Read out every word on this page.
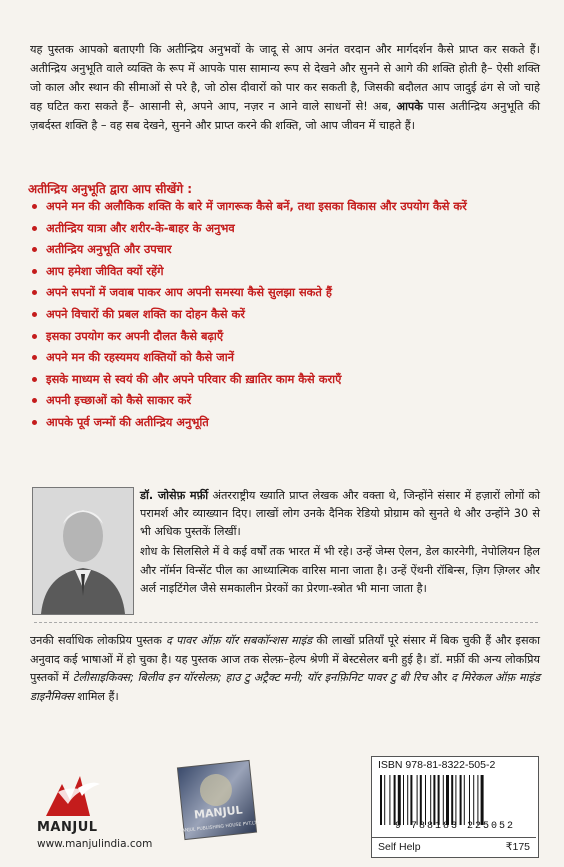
यह पुस्तक आपको बताएगी कि अतीन्द्रिय अनुभवों के जादू से आप अनंत वरदान और मार्गदर्शन कैसे प्राप्त कर सकते हैं। अतीन्द्रिय अनुभूति वाले व्यक्ति के रूप में आपके पास सामान्य रूप से देखने और सुनने से आगे की शक्ति होती है– ऐसी शक्ति जो काल और स्थान की सीमाओं से परे है, जो ठोस दीवारों को पार कर सकती है, जिसकी बदौलत आप जादुई ढंग से जो चाहे वह घटित करा सकते हैं– आसानी से, अपने आप, नज़र न आने वाले साधनों से! अब, आपके पास अतीन्द्रिय अनुभूति की ज़बर्दस्त शक्ति है – वह सब देखने, सुनने और प्राप्त करने की शक्ति, जो आप जीवन में चाहते हैं।
अतीन्द्रिय अनुभूति द्वारा आप सीखेंगे :
अपने मन की अलौकिक शक्ति के बारे में जागरूक कैसे बनें, तथा इसका विकास और उपयोग कैसे करें
अतीन्द्रिय यात्रा और शरीर-के-बाहर के अनुभव
अतीन्द्रिय अनुभूति और उपचार
आप हमेशा जीवित क्यों रहेंगे
अपने सपनों में जवाब पाकर आप अपनी समस्या कैसे सुलझा सकते हैं
अपने विचारों की प्रबल शक्ति का दोहन कैसे करें
इसका उपयोग कर अपनी दौलत कैसे बढ़ाएँ
अपने मन की रहस्यमय शक्तियों को कैसे जानें
इसके माध्यम से स्वयं की और अपने परिवार की ख़ातिर काम कैसे कराएँ
अपनी इच्छाओं को कैसे साकार करें
आपके पूर्व जन्मों की अतीन्द्रिय अनुभूति
डॉ. जोसेफ़ मर्फ़ी अंतरराष्ट्रीय ख्याति प्राप्त लेखक और वक्ता थे, जिन्होंने संसार में हज़ारों लोगों को परामर्श और व्याख्यान दिए। लाखों लोग उनके दैनिक रेडियो प्रोग्राम को सुनते थे और उन्होंने 30 से भी अधिक पुस्तकें लिखीं।
शोध के सिलसिले में वे कई वर्षों तक भारत में भी रहे। उन्हें जेम्स ऐलन, डेल कारनेगी, नेपोलियन हिल और नॉर्मन विन्सेंट पील का आध्यात्मिक वारिस माना जाता है। उन्हें ऐंथनी रॉबिन्स, ज़िग ज़िग्लर और अर्ल नाइटिंगेल जैसे समकालीन प्रेरकों का प्रेरणा-स्त्रोत भी माना जाता है।
उनकी सर्वाधिक लोकप्रिय पुस्तक द पावर ऑफ़ यॉर सबकॉन्शस माइंड की लाखों प्रतियाँ पूरे संसार में बिक चुकी हैं और इसका अनुवाद कई भाषाओं में हो चुका है। यह पुस्तक आज तक सेल्फ़–हेल्प श्रेणी में बेस्टसेलर बनी हुई है। डॉ. मर्फ़ी की अन्य लोकप्रिय पुस्तकों में टेलीसाइकिक्स; बिलीव इन यॉरसेल्फ़; हाउ टु अट्रैक्ट मनी; यॉर इनफ़िनिट पावर टु बी रिच और द मिरेकल ऑफ़ माइंड डाइनैमिक्स शामिल हैं।
MANJUL
www.manjulindia.com
MANJUL
MANJUL PUBLISHING HOUSE PVT.LTD.
ISBN 978-81-8322-505-2
9 788183 225052
Self Help	₹175
